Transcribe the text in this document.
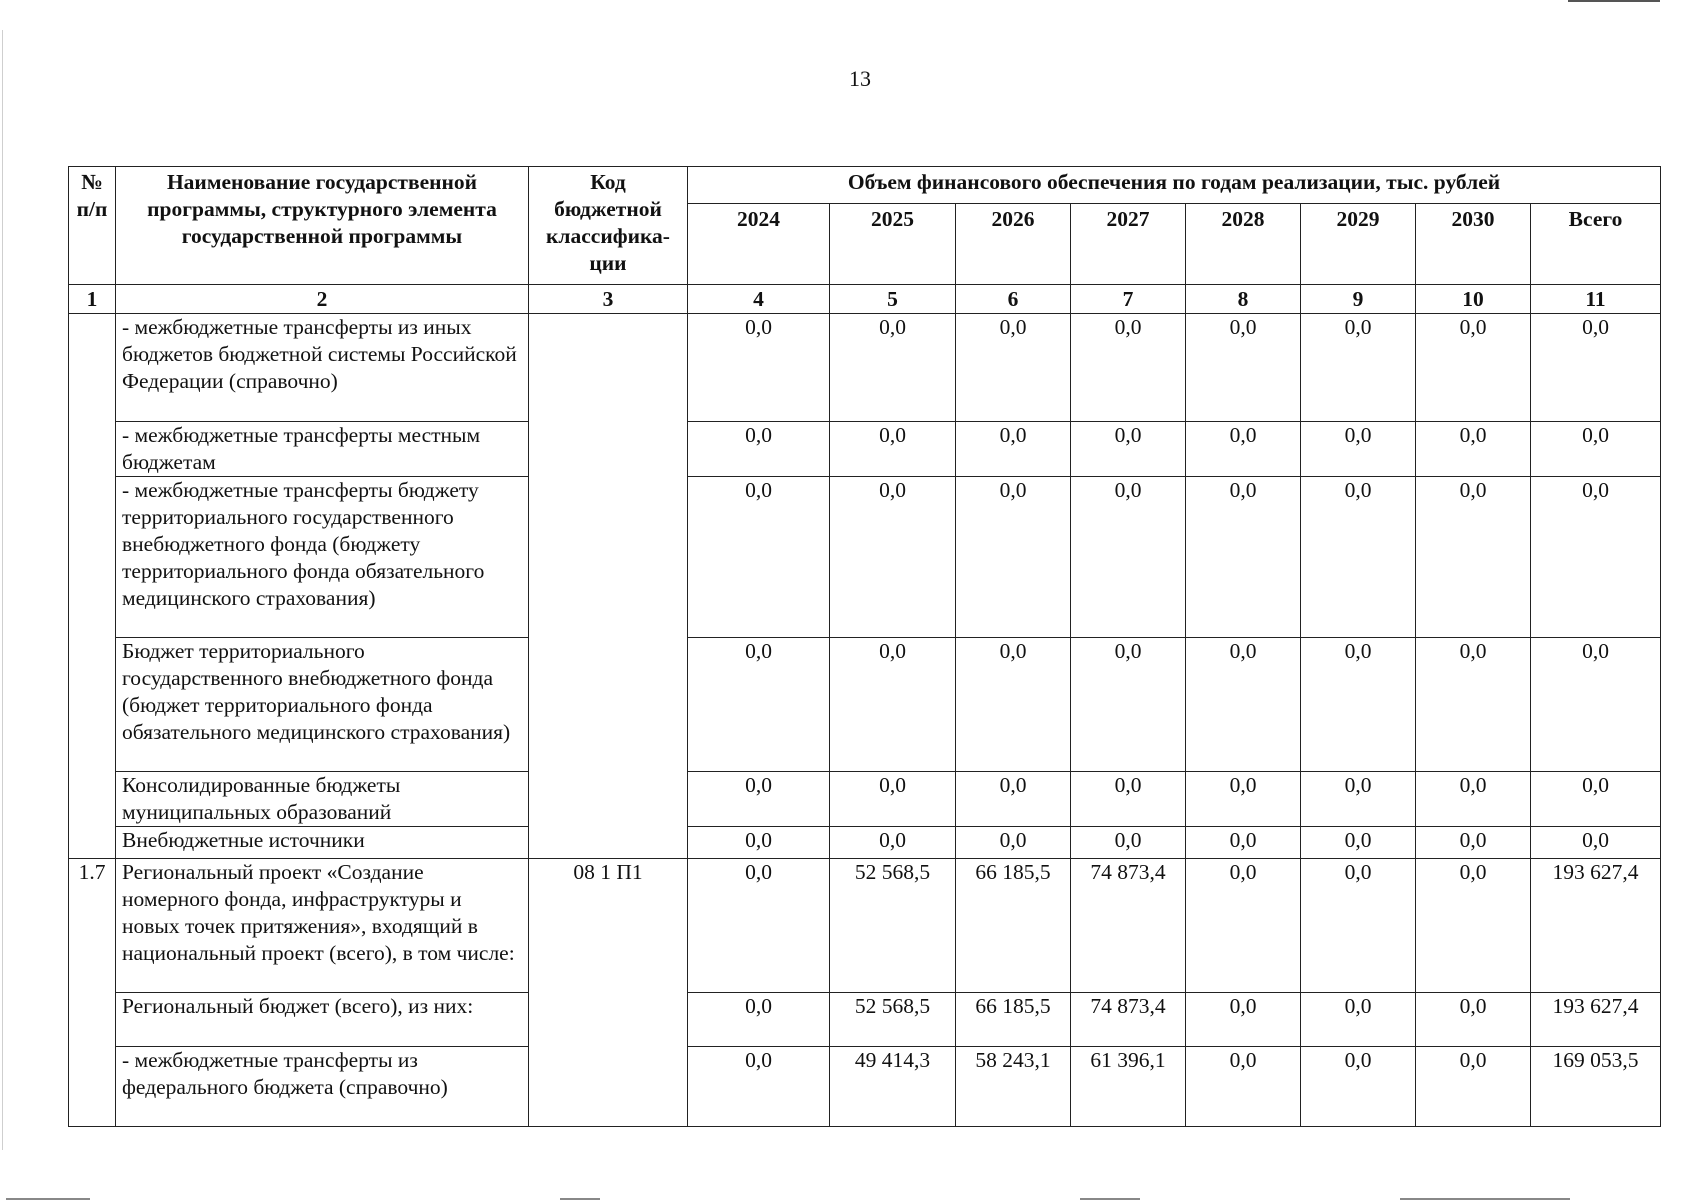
13
№ п/п	Наименование государственной программы, структурного элемента государственной программы	Код бюджетной классифика-ции	Объем финансового обеспечения по годам реализации, тыс. рублей							
			2024	2025	2026	2027	2028	2029	2030	Всего
1	2	3	4	5	6	7	8	9	10	11
	- межбюджетные трансферты из иных бюджетов бюджетной системы Российской Федерации (справочно)		0,0	0,0	0,0	0,0	0,0	0,0	0,0	0,0
	- межбюджетные трансферты местным бюджетам		0,0	0,0	0,0	0,0	0,0	0,0	0,0	0,0
	- межбюджетные трансферты бюджету территориального государственного внебюджетного фонда (бюджету территориального фонда обязательного медицинского страхования)		0,0	0,0	0,0	0,0	0,0	0,0	0,0	0,0
	Бюджет территориального государственного внебюджетного фонда (бюджет территориального фонда обязательного медицинского страхования)		0,0	0,0	0,0	0,0	0,0	0,0	0,0	0,0
	Консолидированные бюджеты муниципальных образований		0,0	0,0	0,0	0,0	0,0	0,0	0,0	0,0
	Внебюджетные источники		0,0	0,0	0,0	0,0	0,0	0,0	0,0	0,0
1.7	Региональный проект «Создание номерного фонда, инфраструктуры и новых точек притяжения», входящий в национальный проект (всего), в том числе:	08 1 П1	0,0	52 568,5	66 185,5	74 873,4	0,0	0,0	0,0	193 627,4
	Региональный бюджет (всего), из них:		0,0	52 568,5	66 185,5	74 873,4	0,0	0,0	0,0	193 627,4
	- межбюджетные трансферты из федерального бюджета (справочно)		0,0	49 414,3	58 243,1	61 396,1	0,0	0,0	0,0	169 053,5
